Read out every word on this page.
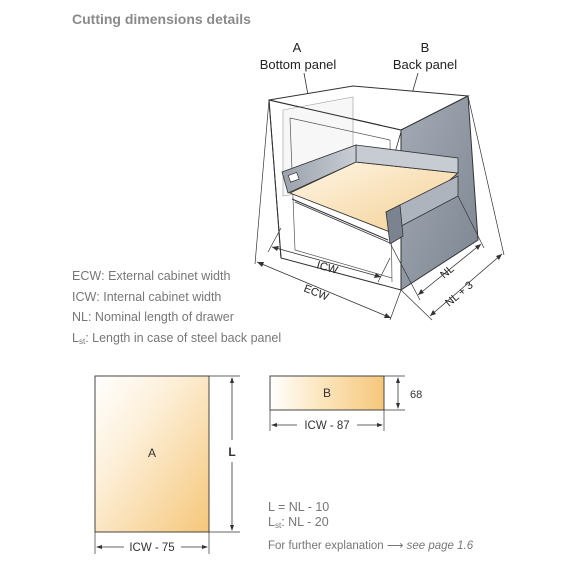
Cutting dimensions details
A
Bottom panel
B
Back panel
ICW
ECW
NL
NL + 3
A
ICW - 75
L
B
ICW - 87
68
ECW: External cabinet width
ICW: Internal cabinet width
NL: Nominal length of drawer
$L_{st}$: Length in case of steel back panel
L = NL - 10
$L_{st}$: NL - 20
For further explanation ⟶ see page 1.6
